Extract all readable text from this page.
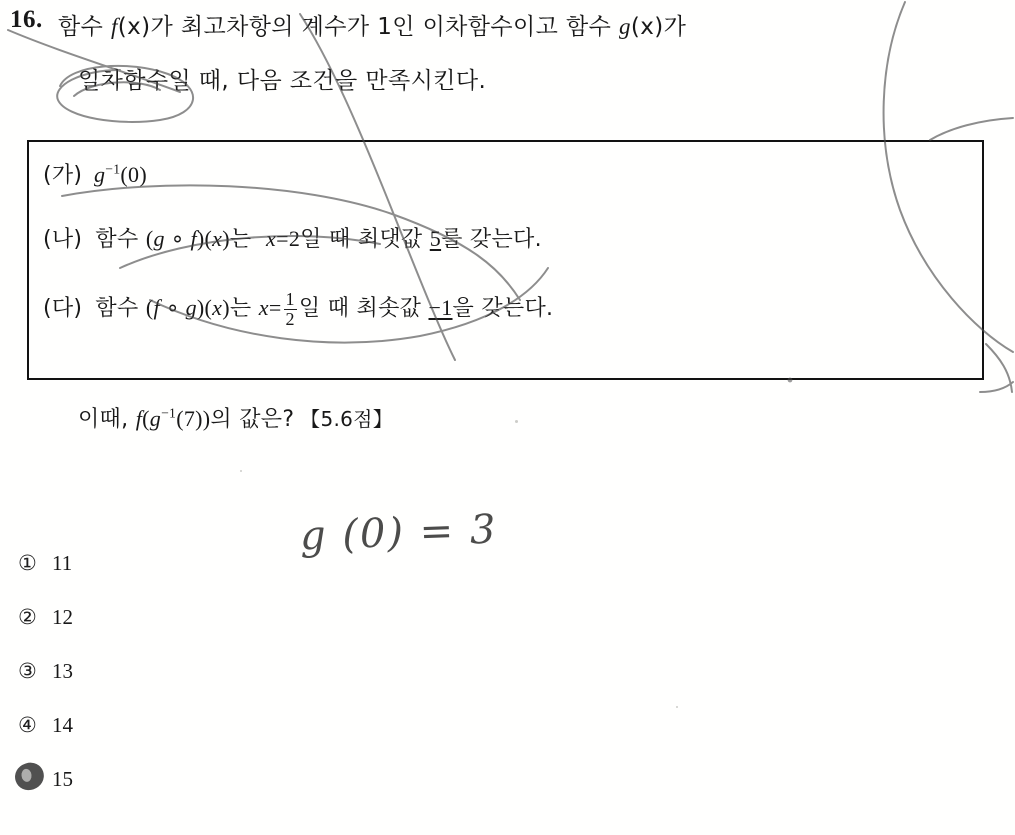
16. 함수 f(x)가 최고차항의 계수가 1인 이차함수이고 함수 g(x)가
일차함수일 때, 다음 조건을 만족시킨다.
(가)  $g^{-1}(0)$
(나)  함수 (g ∘ f)(x)는  x=2일 때 최댓값 5를 갖는다.
(다)  함수 (f ∘ g)(x)는 $x= \frac{1}{2}$ 일 때 최솟값 −1을 갖는다.
이때, $f(g^{-1}(7))$의 값은? 【5.6점】
① 11
② 12
③ 13
④ 14
15
g (0) = 3
